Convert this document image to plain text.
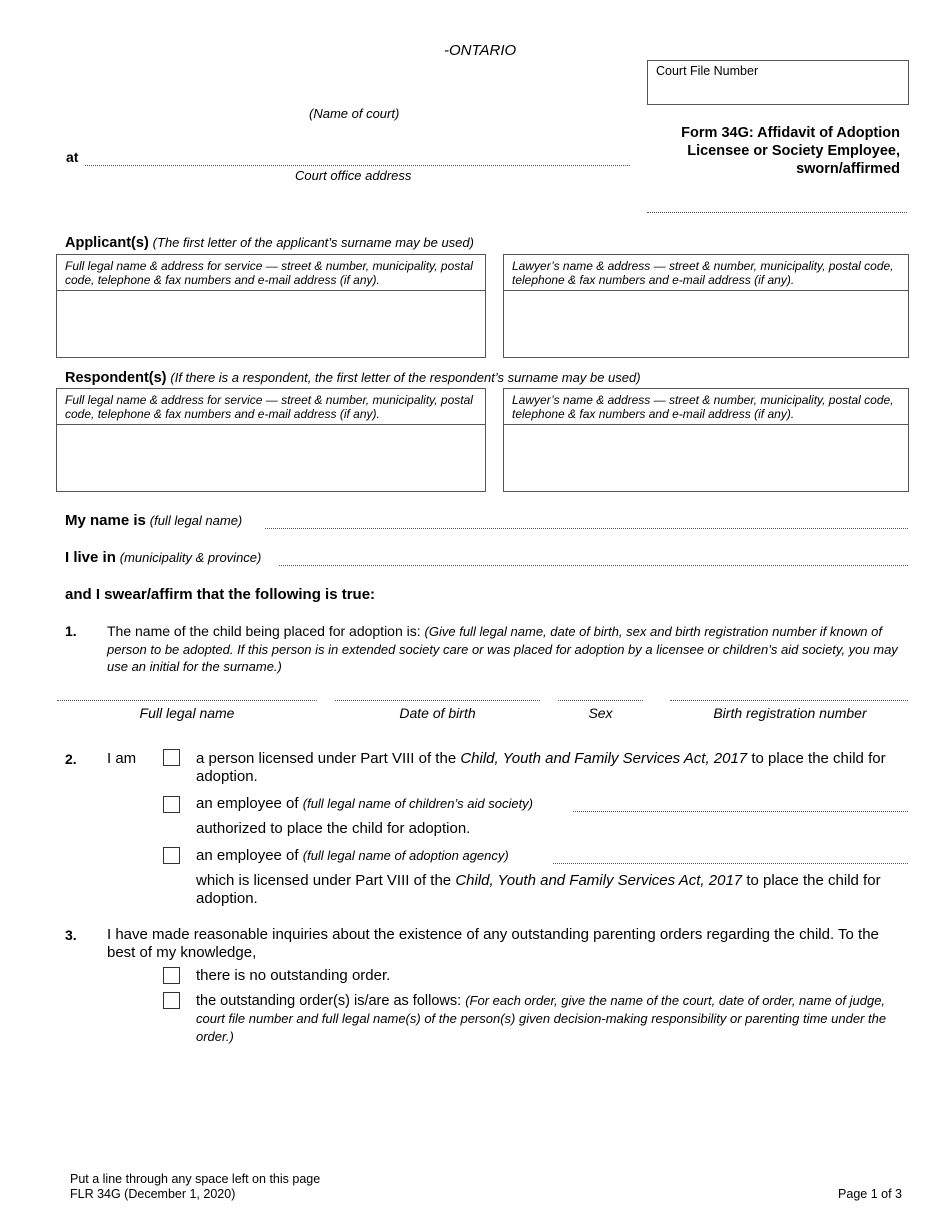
-ONTARIO
Court File Number
(Name of court)
at
Court office address
Form 34G: Affidavit of Adoption
Licensee or Society Employee,
sworn/affirmed
Applicant(s) (The first letter of the applicant’s surname may be used)
Full legal name & address for service — street & number, municipality, postal code, telephone & fax numbers and e-mail address (if any).
Lawyer’s name & address — street & number, municipality, postal code, telephone & fax numbers and e-mail address (if any).
Respondent(s) (If there is a respondent, the first letter of the respondent’s surname may be used)
Full legal name & address for service — street & number, municipality, postal code, telephone & fax numbers and e-mail address (if any).
Lawyer’s name & address — street & number, municipality, postal code, telephone & fax numbers and e-mail address (if any).
My name is (full legal name)
I live in (municipality & province)
and I swear/affirm that the following is true:
1. The name of the child being placed for adoption is: (Give full legal name, date of birth, sex and birth registration number if known of person to be adopted. If this person is in extended society care or was placed for adoption by a licensee or children’s aid society, you may use an initial for the surname.)
Full legal name	Date of birth	Sex	Birth registration number
2. I am	a person licensed under Part VIII of the Child, Youth and Family Services Act, 2017 to place the child for adoption.
an employee of (full legal name of children’s aid society)
authorized to place the child for adoption.
an employee of (full legal name of adoption agency)
which is licensed under Part VIII of the Child, Youth and Family Services Act, 2017 to place the child for adoption.
3. I have made reasonable inquiries about the existence of any outstanding parenting orders regarding the child. To the best of my knowledge,
there is no outstanding order.
the outstanding order(s) is/are as follows: (For each order, give the name of the court, date of order, name of judge, court file number and full legal name(s) of the person(s) given decision-making responsibility or parenting time under the order.)
Put a line through any space left on this page
FLR 34G (December 1, 2020)	Page 1 of 3
